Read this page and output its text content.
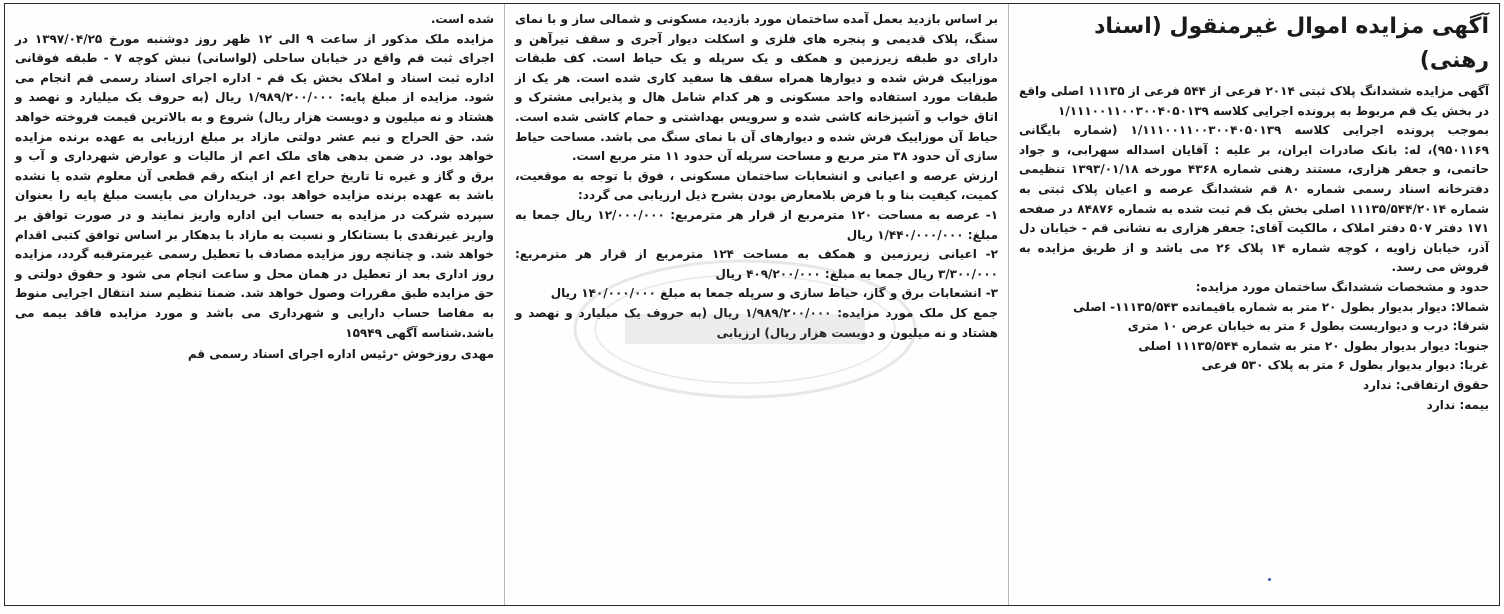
آگهی مزایده اموال غیرمنقول (اسناد رهنی)

آگهی مزایده ششدانگ پلاک ثبتی ۲۰۱۴ فرعی از ۵۴۴ فرعی از ۱۱۱۳۵ اصلی واقع در بخش یک قم مربوط به پرونده اجرایی کلاسه ۱/۱۱۱۰۰۱۱۰۰۳۰۰۴۰۵۰۱۳۹

بموجب پرونده اجرایی کلاسه ۱/۱۱۱۰۰۱۱۰۰۳۰۰۴۰۵۰۱۳۹ (شماره بایگانی ۹۵۰۱۱۶۹)، له: بانک صادرات ایران، بر علیه : آقایان اسداله سهرابی، و جواد حاتمی، و جعفر هزاری، مستند رهنی شماره ۴۳۶۸ مورخه ۱۳۹۳/۰۱/۱۸ تنظیمی دفترخانه اسناد رسمی شماره ۸۰ قم ششدانگ عرصه و اعیان پلاک ثبتی به شماره ۱۱۱۳۵/۵۴۴/۲۰۱۴ اصلی بخش یک قم ثبت شده به شماره ۸۴۸۷۶ در صفحه ۱۷۱ دفتر ۵۰۷ دفتر املاک ، مالکیت آقای: جعفر هزاری به نشانی قم - خیابان دل آذر، خیابان زاویه ، کوچه شماره ۱۴ پلاک ۲۶ می باشد و از طریق مزایده به فروش می رسد.

حدود و مشخصات ششدانگ ساختمان مورد مزایده:

شمالا: دیوار بدیوار بطول ۲۰ متر به شماره باقیمانده ۱۱۱۳۵/۵۴۳- اصلی

شرقا: درب و دیواریست بطول ۶ متر به خیابان عرض ۱۰ متری

جنوبا: دیوار بدیوار بطول ۲۰ متر به شماره ۱۱۱۳۵/۵۴۴ اصلی

غربا: دیوار بدیوار بطول ۶ متر به پلاک ۵۳۰ فرعی

حقوق ارتفاقی: ندارد

بیمه: ندارد

بر اساس بازدید بعمل آمده ساختمان مورد بازدید، مسکونی و شمالی ساز و با نمای سنگ، پلاک قدیمی و پنجره های فلزی و اسکلت دیوار آجری و سقف تیرآهن و دارای دو طبقه زیرزمین و همکف و یک سرپله و یک حیاط است. کف طبقات موزاییک فرش شده و دیوارها همراه سقف ها سفید کاری شده است. هر یک از طبقات مورد استفاده واحد مسکونی و هر کدام شامل هال و پذیرایی مشترک و اتاق خواب و آشپزخانه کاشی شده و سرویس بهداشتی و حمام کاشی شده است. حیاط آن موزاییک فرش شده و دیوارهای آن با نمای سنگ می باشد. مساحت حیاط سازی آن حدود ۳۸ متر مربع و مساحت سرپله آن حدود ۱۱ متر مربع است.

ارزش عرصه و اعیانی و انشعابات ساختمان مسکونی ، فوق با توجه به موقعیت، کمیت، کیفیت بنا و با فرض بلامعارض بودن بشرح ذیل ارزیابی می گردد:

۱- عرصه به مساحت ۱۲۰ مترمربع از قرار هر مترمربع: ۱۲/۰۰۰/۰۰۰ ریال جمعا به مبلغ: ۱/۴۴۰/۰۰۰/۰۰۰ ریال

۲- اعیانی زیرزمین و همکف به مساحت ۱۲۴ مترمربع از قرار هر مترمربع: ۳/۳۰۰/۰۰۰ ریال جمعا به مبلغ: ۴۰۹/۲۰۰/۰۰۰ ریال

۳- انشعابات برق و گاز، حیاط سازی و سرپله جمعا به مبلغ ۱۴۰/۰۰۰/۰۰۰ ریال

جمع کل ملک مورد مزایده: ۱/۹۸۹/۲۰۰/۰۰۰ ریال (به حروف یک میلیارد و نهصد و هشتاد و نه میلیون و دویست هزار ریال) ارزیابی

شده است.

مزایده ملک مذکور از ساعت ۹ الی ۱۲ ظهر روز دوشنبه مورخ ۱۳۹۷/۰۴/۲۵ در اجرای ثبت قم واقع در خیابان ساحلی (لواسانی) نبش کوچه ۷ - طبقه فوقانی اداره ثبت اسناد و املاک بخش یک قم - اداره اجرای اسناد رسمی قم انجام می شود. مزایده از مبلغ پایه: ۱/۹۸۹/۲۰۰/۰۰۰ ریال (به حروف یک میلیارد و نهصد و هشتاد و نه میلیون و دویست هزار ریال) شروع و به بالاترین قیمت فروخته خواهد شد. حق الحراج و نیم عشر دولتی مازاد بر مبلغ ارزیابی به عهده برنده مزایده خواهد بود. در ضمن بدهی های ملک اعم از مالیات و عوارض شهرداری و آب و برق و گاز و غیره تا تاریخ حراج اعم از اینکه رقم قطعی آن معلوم شده یا نشده باشد به عهده برنده مزایده خواهد بود. خریداران می بایست مبلغ پایه را بعنوان سپرده شرکت در مزایده به حساب این اداره واریز نمایند و در صورت توافق بر واریز غیرنقدی با بستانکار و نسبت به مازاد با بدهکار بر اساس توافق کتبی اقدام خواهد شد. و چنانچه روز مزایده مصادف با تعطیل رسمی غیرمترقبه گردد، مزایده روز اداری بعد از تعطیل در همان محل و ساعت انجام می شود و حقوق دولتی و حق مزایده طبق مقررات وصول خواهد شد. ضمنا تنظیم سند انتقال اجرایی منوط به مفاصا حساب دارایی و شهرداری می باشد و مورد مزایده فاقد بیمه می باشد.شناسه آگهی ۱۵۹۴۹

مهدی روزخوش -رئیس اداره اجرای اسناد رسمی قم
